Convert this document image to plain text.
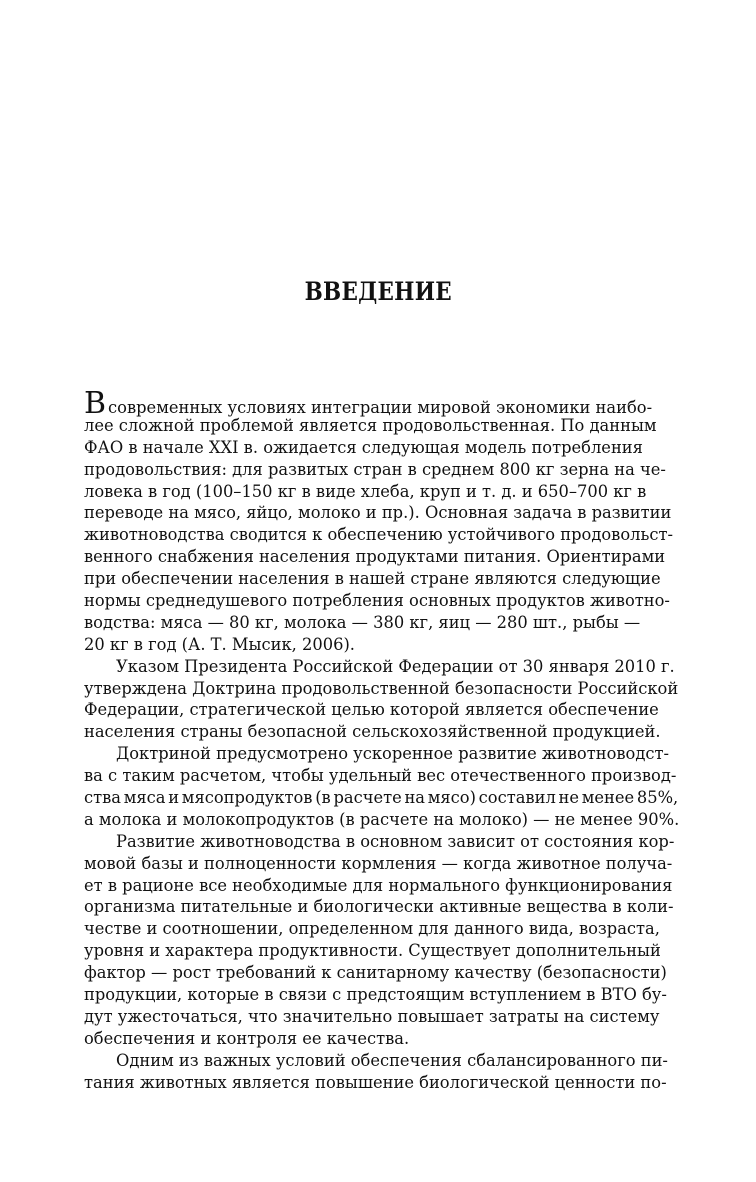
ВВЕДЕНИЕ
Всовременных условиях интеграции мировой экономики наибо-
лее сложной проблемой является продовольственная. По данным
ФАО в начале XXI в. ожидается следующая модель потребления
продовольствия: для развитых стран в среднем 800 кг зерна на че-
ловека в год (100–150 кг в виде хлеба, круп и т. д. и 650–700 кг в
переводе на мясо, яйцо, молоко и пр.). Основная задача в развитии
животноводства сводится к обеспечению устойчивого продовольст-
венного снабжения населения продуктами питания. Ориентирами
при обеспечении населения в нашей стране являются следующие
нормы среднедушевого потребления основных продуктов животно-
водства: мяса — 80 кг, молока — 380 кг, яиц — 280 шт., рыбы —
20 кг в год (А. Т. Мысик, 2006).
Указом Президента Российской Федерации от 30 января 2010 г.
утверждена Доктрина продовольственной безопасности Российской
Федерации, стратегической целью которой является обеспечение
населения страны безопасной сельскохозяйственной продукцией.
Доктриной предусмотрено ускоренное развитие животноводст-
ва с таким расчетом, чтобы удельный вес отечественного производ-
ства мяса и мясопродуктов (в расчете на мясо) составил не менее 85%,
а молока и молокопродуктов (в расчете на молоко) — не менее 90%.
Развитие животноводства в основном зависит от состояния кор-
мовой базы и полноценности кормления — когда животное получа-
ет в рационе все необходимые для нормального функционирования
организма питательные и биологически активные вещества в коли-
честве и соотношении, определенном для данного вида, возраста,
уровня и характера продуктивности. Существует дополнительный
фактор — рост требований к санитарному качеству (безопасности)
продукции, которые в связи с предстоящим вступлением в ВТО бу-
дут ужесточаться, что значительно повышает затраты на систему
обеспечения и контроля ее качества.
Одним из важных условий обеспечения сбалансированного пи-
тания животных является повышение биологической ценности по-
